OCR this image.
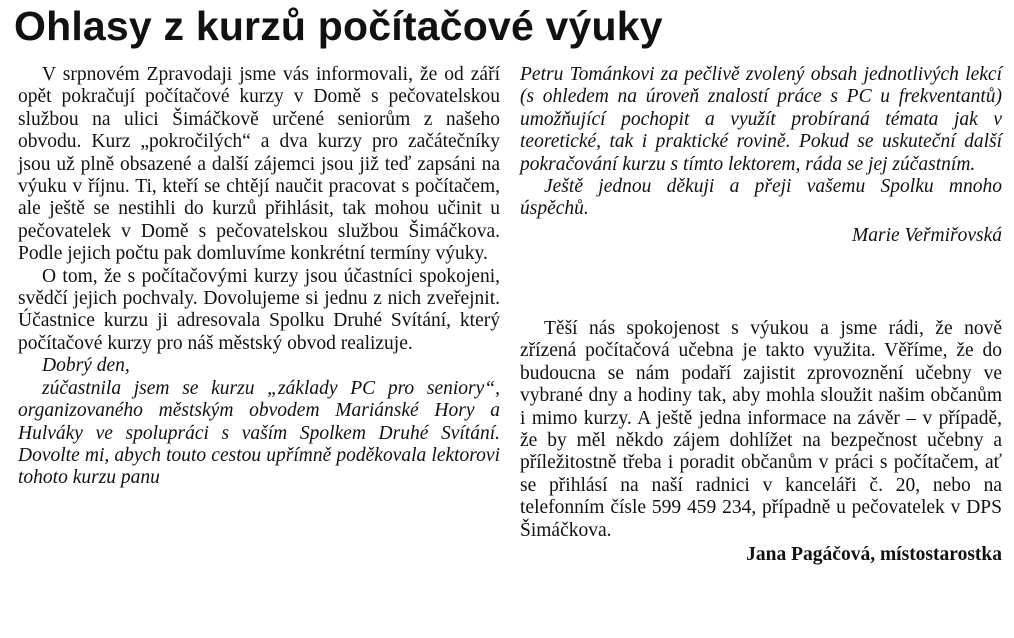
Ohlasy z kurzů počítačové výuky

V srpnovém Zpravodaji jsme vás informovali, že od září opět pokračují počítačové kurzy v Domě s pečovatelskou službou na ulici Šimáčkově určené seniorům z našeho obvodu. Kurz „pokročilých“ a dva kurzy pro začátečníky jsou už plně obsazené a další zájemci jsou již teď zapsáni na výuku v říjnu. Ti, kteří se chtějí naučit pracovat s počítačem, ale ještě se nestihli do kurzů přihlásit, tak mohou učinit u pečovatelek v Domě s pečovatelskou službou Šimáčkova. Podle jejich počtu pak domluvíme konkrétní termíny výuky.

O tom, že s počítačovými kurzy jsou účastníci spokojeni, svědčí jejich pochvaly. Dovolujeme si jednu z nich zveřejnit. Účastnice kurzu ji adresovala Spolku Druhé Svítání, který počítačové kurzy pro náš městský obvod realizuje.

Dobrý den,

zúčastnila jsem se kurzu „základy PC pro seniory“, organizovaného městským obvodem Mariánské Hory a Hulváky ve spolupráci s vaším Spolkem Druhé Svítání. Dovolte mi, abych touto cestou upřímně poděkovala lektorovi tohoto kurzu panu

Petru Tománkovi za pečlivě zvolený obsah jednotlivých lekcí (s ohledem na úroveň znalostí práce s PC u frekventantů) umožňující pochopit a využít probíraná témata jak v teoretické, tak i praktické rovině. Pokud se uskuteční další pokračování kurzu s tímto lektorem, ráda se jej zúčastním.

Ještě jednou děkuji a přeji vašemu Spolku mnoho úspěchů.

Marie Veřmiřovská

Těší nás spokojenost s výukou a jsme rádi, že nově zřízená počítačová učebna je takto využita. Věříme, že do budoucna se nám podaří zajistit zprovoznění učebny ve vybrané dny a hodiny tak, aby mohla sloužit našim občanům i mimo kurzy. A ještě jedna informace na závěr – v případě, že by měl někdo zájem dohlížet na bezpečnost učebny a příležitostně třeba i poradit občanům v práci s počítačem, ať se přihlásí na naší radnici v kanceláři č. 20, nebo na telefonním čísle 599 459 234, případně u pečovatelek v DPS Šimáčkova.

Jana Pagáčová, místostarostka
